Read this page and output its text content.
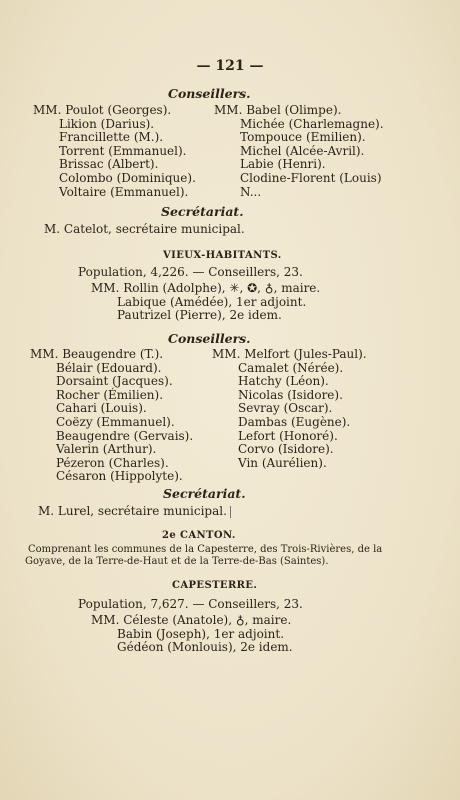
— 121 —
Conseillers.
MM. Poulot (Georges).
Likion (Darius).
Francillette (M.).
Torrent (Emmanuel).
Brissac (Albert).
Colombo (Dominique).
Voltaire (Emmanuel).
MM. Babel (Olimpe).
Michée (Charlemagne).
Tompouce (Emilien).
Michel (Alcée-Avril).
Labie (Henri).
Clodine-Florent (Louis)
N...
Secrétariat.
M. Catelot, secrétaire municipal.
VIEUX-HABITANTS.
Population, 4,226. — Conseillers, 23.
MM. Rollin (Adolphe), ✳, ✪, ♁, maire.
Labique (Amédée), 1er adjoint.
Pautrizel (Pierre), 2e idem.
Conseillers.
MM. Beaugendre (T.).
Bélair (Edouard).
Dorsaint (Jacques).
Rocher (Émilien).
Cahari (Louis).
Coëzy (Emmanuel).
Beaugendre (Gervais).
Valerin (Arthur).
Pézeron (Charles).
Césaron (Hippolyte).
MM. Melfort (Jules-Paul).
Camalet (Nérée).
Hatchy (Léon).
Nicolas (Isidore).
Sevray (Oscar).
Dambas (Eugène).
Lefort (Honoré).
Corvo (Isidore).
Vin (Aurélien).
Secrétariat.
M. Lurel, secrétaire municipal.
2e CANTON.
Comprenant les communes de la Capesterre, des Trois-Rivières, de la
Goyave, de la Terre-de-Haut et de la Terre-de-Bas (Saintes).
CAPESTERRE.
Population, 7,627. — Conseillers, 23.
MM. Céleste (Anatole), ♁, maire.
Babin (Joseph), 1er adjoint.
Gédéon (Monlouis), 2e idem.
